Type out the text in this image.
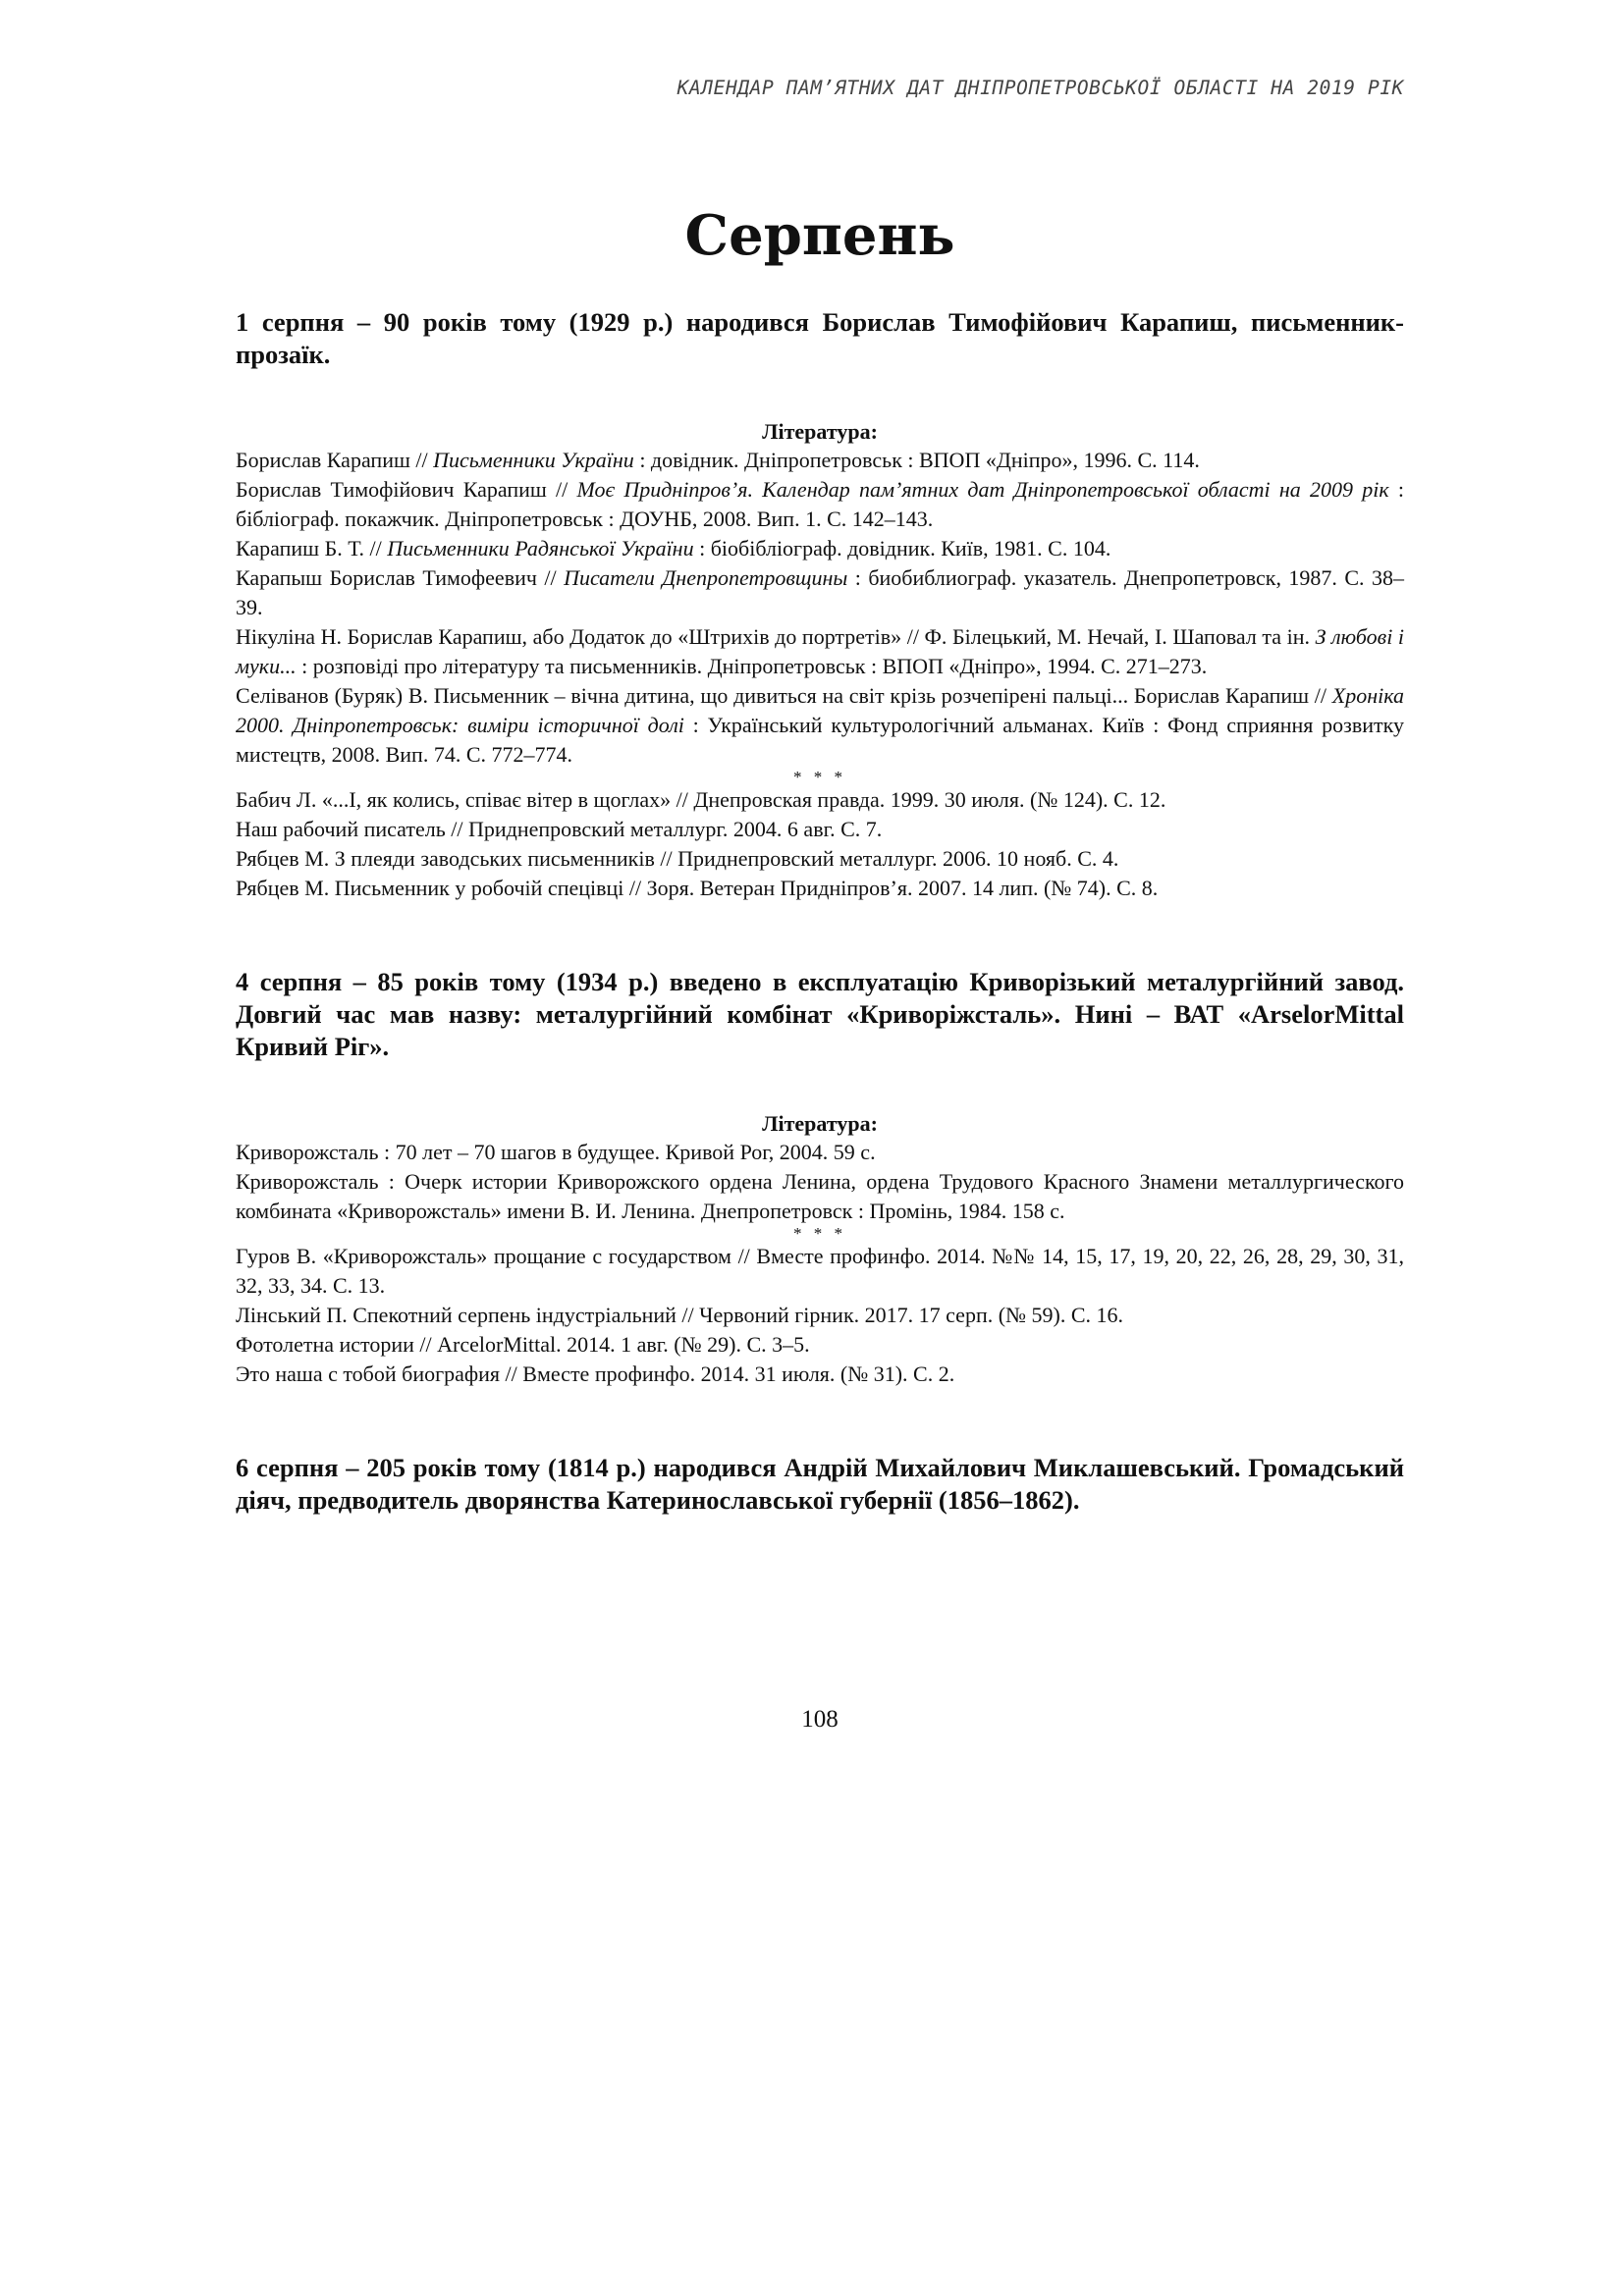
КАЛЕНДАР ПАМ’ЯТНИХ ДАТ ДНІПРОПЕТРОВСЬКОЇ ОБЛАСТІ НА 2019 РІК
Серпень

1 серпня – 90 років тому (1929 р.) народився Борислав Тимофійович Карапиш, письменник-прозаїк.

Література:

Борислав Карапиш // Письменники України : довідник. Дніпропетровськ : ВПОП «Дніпро», 1996. С. 114.

Борислав Тимофійович Карапиш // Моє Придніпров’я. Календар пам’ятних дат Дніпропетровської області на 2009 рік : бібліограф. покажчик. Дніпропетровськ : ДОУНБ, 2008. Вип. 1. С. 142–143.

Карапиш Б. Т. // Письменники Радянської України : біобібліограф. довідник. Київ, 1981. С. 104.

Карапыш Борислав Тимофеевич // Писатели Днепропетровщины : биобиблиограф. указатель. Днепропетровск, 1987. С. 38–39.

Нікуліна Н. Борислав Карапиш, або Додаток до «Штрихів до портретів» // Ф. Білецький, М. Нечай, І. Шаповал та ін. З любові і муки... : розповіді про літературу та письменників. Дніпропетровськ : ВПОП «Дніпро», 1994. С. 271–273.

Селіванов (Буряк) В. Письменник – вічна дитина, що дивиться на світ крізь розчепірені пальці... Борислав Карапиш // Хроніка 2000. Дніпропетровськ: виміри історичної долі : Український культурологічний альманах. Київ : Фонд сприяння розвитку мистецтв, 2008. Вип. 74. С. 772–774.

* * *

Бабич Л. «...І, як колись, співає вітер в щоглах» // Днепровская правда. 1999. 30 июля. (№ 124). С. 12.

Наш рабочий писатель // Приднепровский металлург. 2004. 6 авг. С. 7.

Рябцев М. З плеяди заводських письменників // Приднепровский металлург. 2006. 10 нояб. С. 4.

Рябцев М. Письменник у робочій спецівці // Зоря. Ветеран Придніпров’я. 2007. 14 лип. (№ 74). С. 8.

4 серпня – 85 років тому (1934 р.) введено в експлуатацію Криворізький металургійний завод. Довгий час мав назву: металургійний комбінат «Криворіжсталь». Нині – ВАТ «ArselorMittal Кривий Ріг».

Література:

Криворожсталь : 70 лет – 70 шагов в будущее. Кривой Рог, 2004. 59 с.

Криворожсталь : Очерк истории Криворожского ордена Ленина, ордена Трудового Красного Знамени металлургического комбината «Криворожсталь» имени В. И. Ленина. Днепропетровск : Промінь, 1984. 158 с.

* * *

Гуров В. «Криворожсталь» прощание с государством // Вместе профинфо. 2014. №№ 14, 15, 17, 19, 20, 22, 26, 28, 29, 30, 31, 32, 33, 34. С. 13.

Лінський П. Спекотний серпень індустріальний // Червоний гірник. 2017. 17 серп. (№ 59). С. 16.

Фотолетна истории // ArcelorMittal. 2014. 1 авг. (№ 29). С. 3–5.

Это наша с тобой биография // Вместе профинфо. 2014. 31 июля. (№ 31). С. 2.

6 серпня – 205 років тому (1814 р.) народився Андрій Михайлович Миклашевський. Громадський діяч, предводитель дворянства Катеринославської губернії (1856–1862).

108
